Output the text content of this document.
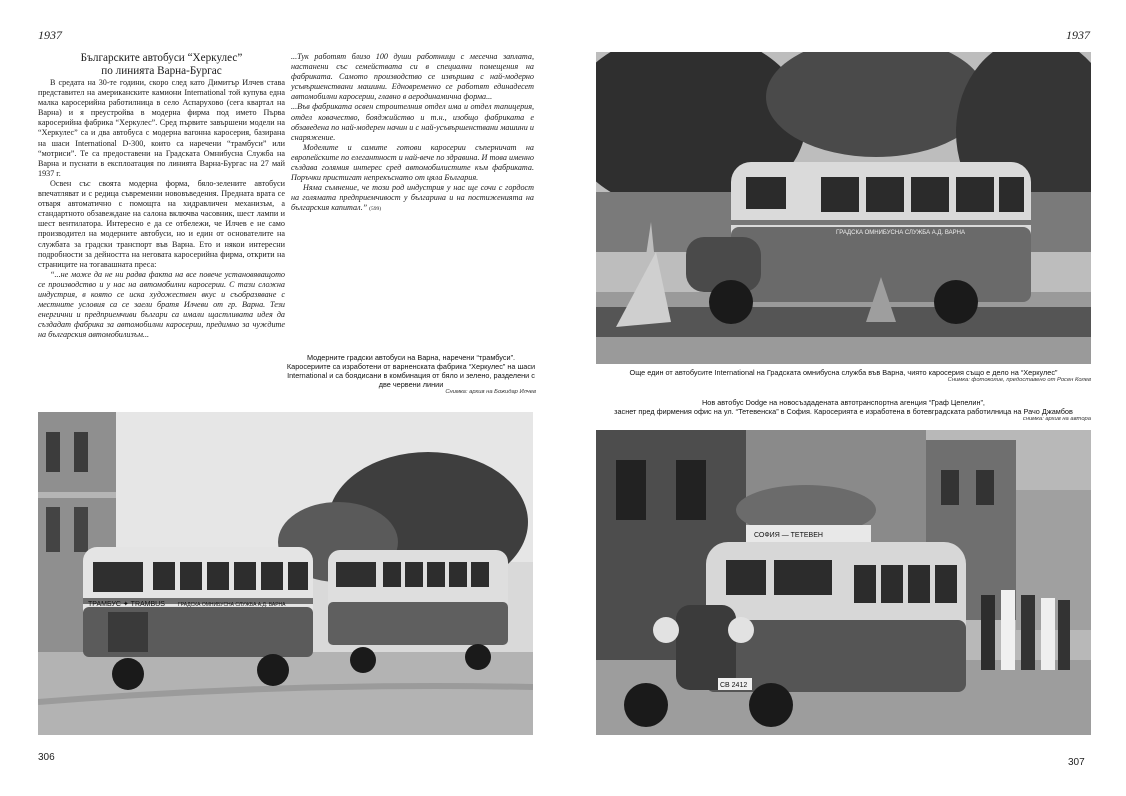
1937
Българските автобуси “Херкулес”
по линията Варна-Бургас

В средата на 30-те години, скоро след като Димитър Илчев става представител на американските камиони International той купува една малка каросерийна работилница в село Аспарухово (сега квартал на Варна) и я преустройва в модерна фирма под името Първа каросерийна фабрика “Херкулес”. Сред първите завършени модели на “Херкулес” са и два автобуса с модерна вагонна каросерия, базирана на шаси International D-300, които са наречени “трамбуси” или “мотриси”. Те са предоставени на Градската Омнибусна Служба на Варна и пуснати в експлоатация по линията Варна-Бургас на 27 май 1937 г.

Освен със своята модерна форма, бяло-зелените автобуси впечатляват и с редица съвременни нововъведения. Предната врата се отваря автоматично с помощта на хидравличен механизъм, а стандартното обзавеждане на салона включва часовник, шест лампи и шест вентилатора. Интересно е да се отбележи, че Илчев е не само производител на модерните автобуси, но и един от основателите на службата за градски транспорт във Варна. Ето и някои интересни подробности за дейността на неговата каросерийна фирма, открити на страниците на тогавашната преса:

“...не може да не ни радва факта на все повече установяващото се производство и у нас на автомобилни каросерии. С тази сложна индустрия, в която се иска художествен вкус и съобразяване с местните условия са се заели братя Илчеви от гр. Варна. Тези енергични и предприемчиви българи са имали щастливата идея да създадат фабрика за автомобилни каросерии, предимно за чуждите на българския автомобилизъм...

...Тук работят близо 100 души работници с месечна заплата, настанени със семействата си в специални помещения на фабриката. Самото производство се извършва с най-модерно усъвършенствани машини. Едновременно се работят единадесет автомобилни каросерии, главно в аеродинамична форма...

...Във фабриката освен строителния отдел има и отдел тапицерия, отдел ковачество, бояджийство и т.н., изобщо фабриката е обзаведена по най-модерен начин и с най-усъвършенствани машини и снаряжение.

Моделите и самите готови каросерии съперничат на европейските по елегантност и най-вече по здравина. И това именно създава голямия интерес сред автомобилистите към фабриката. Поръчки пристигат непрекъснато от цяла България.

Няма съмнение, че този род индустрия у нас ще сочи с гордост на голямата предприемчивост у българина и на постиженията на българския капитал.” (599)

Модерните градски автобуси на Варна, наречени “трамбуси”. Каросериите са изработени от варненската фабрика “Херкулес” на шаси International и са боядисани в комбинация от бяло и зелено, разделени с две червени линии
Снимка: архив на Божидар Илчев
ТРАМБУС ✦ TRAMBUS	ГРАДСКА ОМНИБУСНА СЛУЖБА А.Д. ВАРНА
306
1937
ГРАДСКА ОМНИБУСНА СЛУЖБА А.Д. ВАРНА
Още един от автобусите International на Градската омнибусна служба във Варна, чиято каросерия също е дело на “Херкулес”
Снимка: фотоколие, предоставено от Росен Колев
Нов автобус Dodge на новосъздадената автотранспортна агенция “Граф Цепелин”,
заснет пред фирмения офис на ул. “Тетевенска” в София. Каросерията е изработена в ботевградската работилница на Рачо Джамбов
снимка: архив на автора
СОФИЯ — ТЕТЕВЕН
СВ 2412
307
